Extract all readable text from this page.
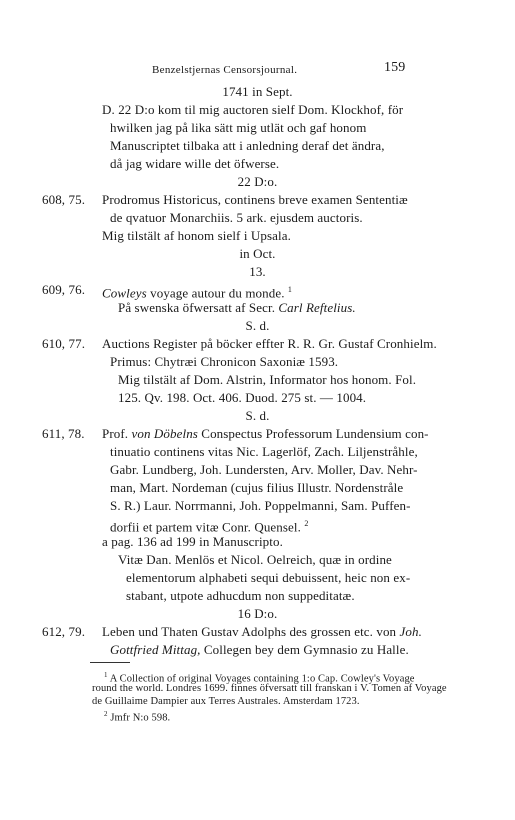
Benzelstjernas Censorsjournal.	159
1741 in Sept.
D. 22 D:o kom til mig auctoren sielf Dom. Klockhof, för
hwilken jag på lika sätt mig utlät och gaf honom
Manuscriptet tilbaka att i anledning deraf det ändra,
då jag widare wille det öfwerse.
22 D:o.
608, 75. Prodromus Historicus, continens breve examen Sententiæ
de qvatuor Monarchiis. 5 ark. ejusdem auctoris.
Mig tilstält af honom sielf i Upsala.
in Oct.
13.
609, 76. Cowleys voyage autour du monde. $^1$
På swenska öfwersatt af Secr. Carl Reftelius.
S. d.
610, 77. Auctions Register på böcker effter R. R. Gr. Gustaf Cronhielm.
Primus: Chytræi Chronicon Saxoniæ 1593.
Mig tilstält af Dom. Alstrin, Informator hos honom. Fol.
125. Qv. 198. Oct. 406. Duod. 275 st. — 1004.
S. d.
611, 78. Prof. von Döbelns Conspectus Professorum Lundensium con-
tinuatio continens vitas Nic. Lagerlöf, Zach. Liljenstråhle,
Gabr. Lundberg, Joh. Lundersten, Arv. Moller, Dav. Nehr-
man, Mart. Nordeman (cujus filius Illustr. Nordenstråle
S. R.) Laur. Norrmanni, Joh. Poppelmanni, Sam. Puffen-
dorfii et partem vitæ Conr. Quensel. $^2$
a pag. 136 ad 199 in Manuscripto.
Vitæ Dan. Menlös et Nicol. Oelreich, quæ in ordine
elementorum alphabeti sequi debuissent, heic non ex-
stabant, utpote adhucdum non suppeditatæ.
16 D:o.
612, 79. Leben und Thaten Gustav Adolphs des grossen etc. von Joh.
Gottfried Mittag, Collegen bey dem Gymnasio zu Halle.
$^1$ A Collection of original Voyages containing 1:o Cap. Cowley's Voyage
round the world. Londres 1699. finnes öfversatt till franskan i V. Tomen af Voyage
de Guillaime Dampier aux Terres Australes. Amsterdam 1723.
$^2$ Jmfr N:o 598.
